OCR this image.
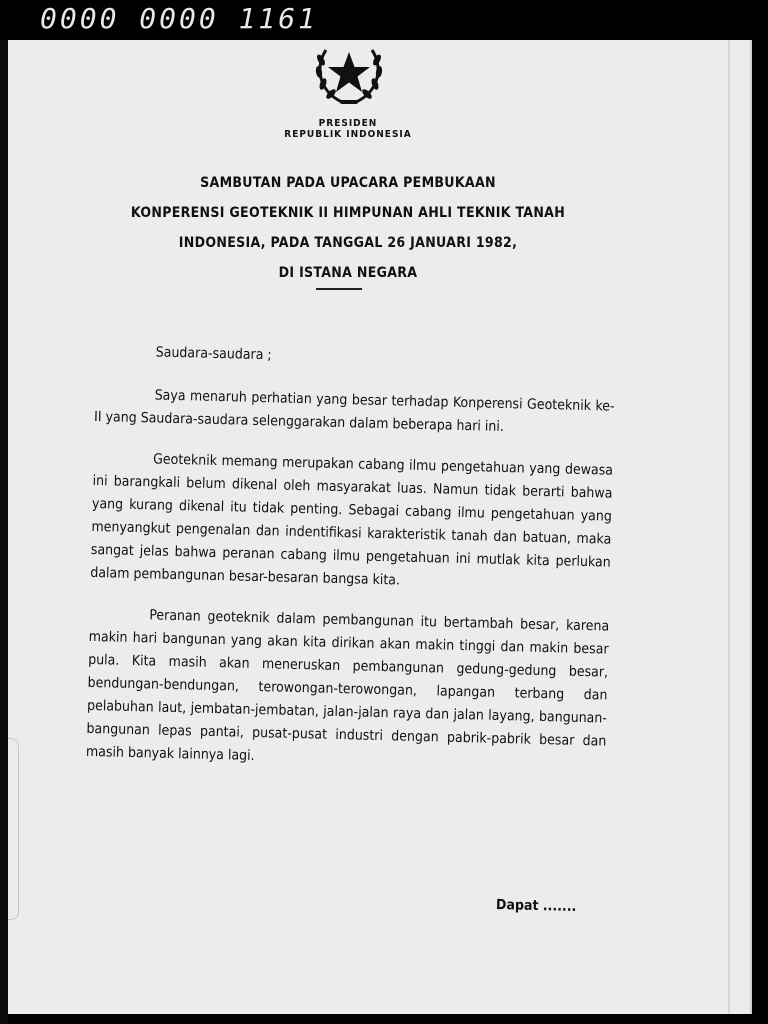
0000 0000 1161
PRESIDEN
REPUBLIK INDONESIA
SAMBUTAN PADA UPACARA PEMBUKAAN
KONPERENSI GEOTEKNIK II HIMPUNAN AHLI TEKNIK TANAH
INDONESIA, PADA TANGGAL 26 JANUARI 1982,
DI ISTANA NEGARA
Saudara-saudara ;

Saya menaruh perhatian yang besar terhadap Konperensi Geoteknik ke-II yang Saudara-saudara selenggarakan dalam beberapa hari ini.

Geoteknik memang merupakan cabang ilmu pengetahuan yang dewasa ini barangkali belum dikenal oleh masyarakat luas. Namun tidak berarti bahwa yang kurang dikenal itu tidak penting. Sebagai cabang ilmu pengetahuan yang menyangkut pengenalan dan indentifikasi karakteristik tanah dan batuan, maka sangat jelas bahwa peranan cabang ilmu pengetahuan ini mutlak kita perlukan dalam pembangunan besar-besaran bangsa kita.

Peranan geoteknik dalam pembangunan itu bertambah besar, karena makin hari bangunan yang akan kita dirikan akan makin tinggi dan makin besar pula. Kita masih akan meneruskan pembangunan gedung-gedung besar, bendungan-bendungan, terowongan-terowongan, lapangan terbang dan pelabuhan laut, jembatan-jembatan, jalan-jalan raya dan jalan layang, bangunan-bangunan lepas pantai, pusat-pusat industri dengan pabrik-pabrik besar dan masih banyak lainnya lagi.

Dapat .......
